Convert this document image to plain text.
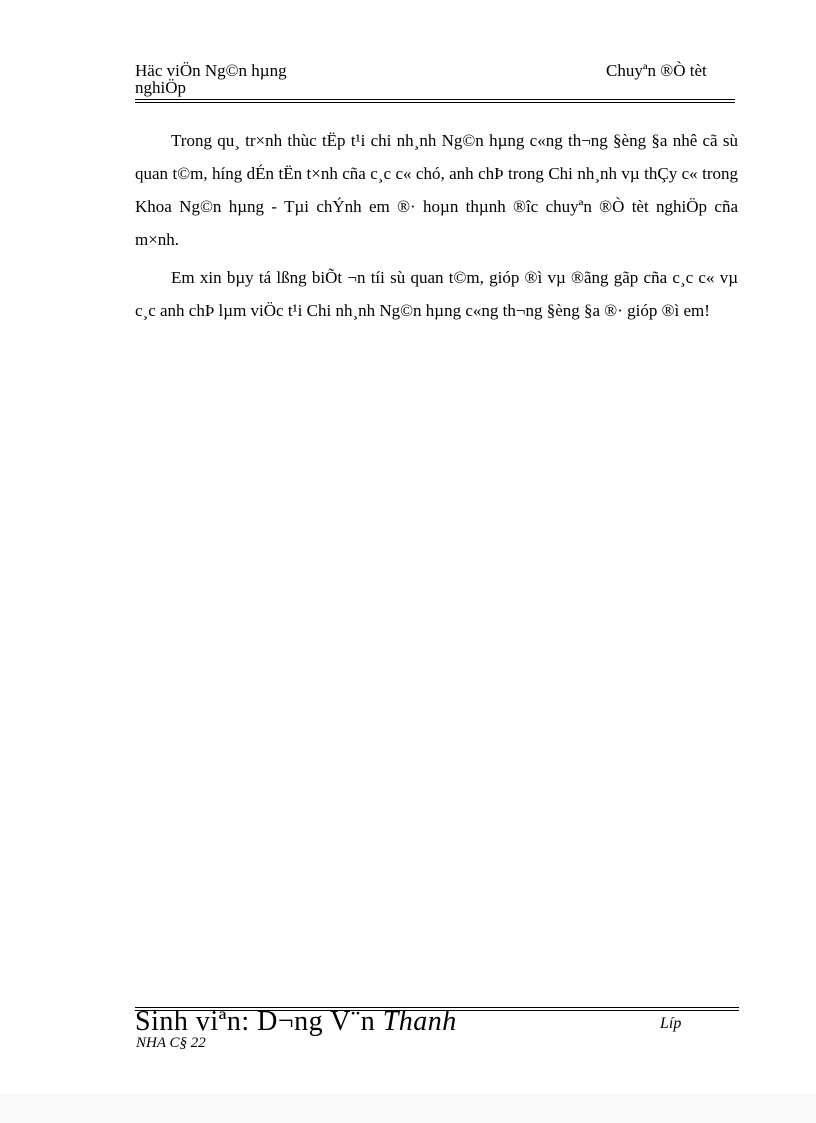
Häc viÖn Ng©n hµng
nghiÖp
Chuyªn ®Ò tèt

Trong qu¸ tr×nh thùc tËp t¹i chi nh¸nh Ng©n hµng c«ng th¬ng §èng §a nhê cã sù quan t©m, híng dÉn tËn t×nh cña c¸c c« chó, anh chÞ trong Chi nh¸nh vµ thÇy c« trong Khoa Ng©n hµng - Tµi chÝnh em ®· hoµn thµnh ®îc chuyªn ®Ò tèt nghiÖp cña m×nh.

Em xin bµy tá lßng biÕt ¬n tíi sù quan t©m, gióp ®ì vµ ®ãng gãp cña c¸c c« vµ c¸c anh chÞ lµm viÖc t¹i Chi nh¸nh Ng©n hµng c«ng th¬ng §èng §a ®· gióp ®ì em!

Sinh viªn: D¬ng V¨n Thanh	Líp
NHA C§ 22
